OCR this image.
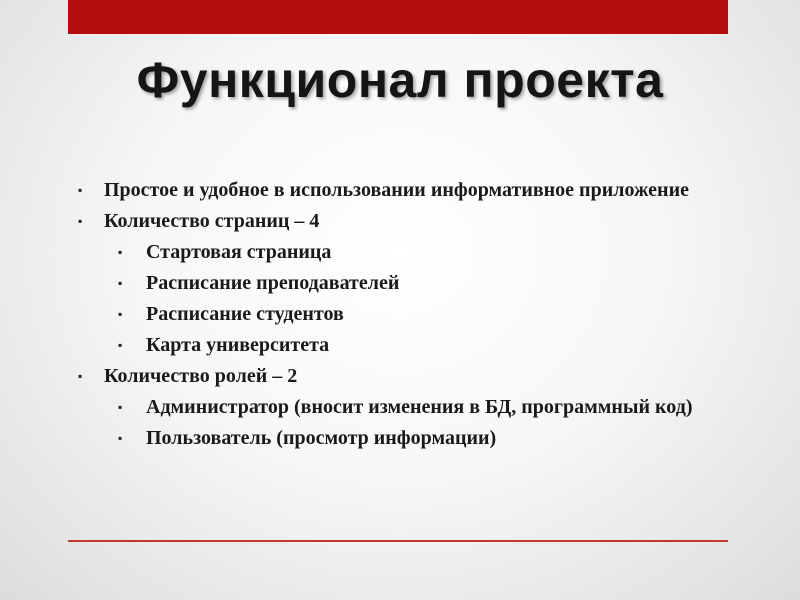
Функционал проекта
▪ Простое и удобное в использовании информативное приложение
▪ Количество страниц – 4
▪ Стартовая страница
▪ Расписание преподавателей
▪ Расписание студентов
▪ Карта университета
▪ Количество ролей – 2
▪ Администратор (вносит изменения в БД, программный код)
▪ Пользователь (просмотр информации)
